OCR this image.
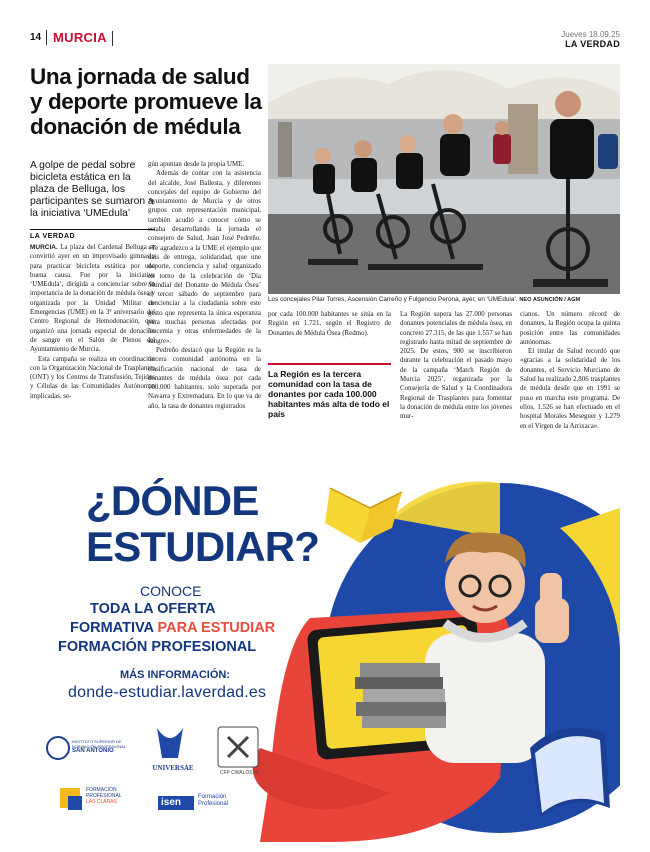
14 MURCIA	Jueves 18.09.25
LA VERDAD
Una jornada de salud y deporte promueve la donación de médula
Los concejales Pilar Torres, Ascensión Carreño y Fulgencio Perona, ayer, en ‘UMEdula’. NEO ASUNCIÓN / AGM

A golpe de pedal sobre bicicleta estática en la plaza de Belluga, los participantes se sumaron a la iniciativa ‘UMEdula’

LA VERDAD

MURCIA. La plaza del Cardenal Belluga se convirtió ayer en un improvisado gimnasio para practicar bicicleta estática por una buena causa. Fue por la iniciativa ‘UMEdula’, dirigida a concienciar sobre la importancia de la donación de médula ósea y organizada por la Unidad Militar de Emergencias (UME) en la 3ª aniversario del Centro Regional de Hemodonación, que organizó una jornada especial de donación de sangre en el Salón de Plenos del Ayuntamiento de Murcia.

Esta campaña se realiza en coordinación con la Organización Nacional de Trasplantes (ONT) y los Centros de Transfusión, Tejidos y Células de las Comunidades Autónomas implicadas, se-

gún apuntan desde la propia UME.

Además de contar con la asistencia del alcalde, José Ballesta, y diferentes concejales del equipo de Gobierno del Ayuntamiento de Murcia y de otros grupos con representación municipal, también acudió a conocer cómo se estaba desarrollando la jornada el consejero de Salud, Juan José Pedreño. «Te agradezco a la UME el ejemplo que dais de entrega, solidaridad, que une deporte, conciencia y salud organizado en torno de la celebración de ‘Día Mundial del Donante de Médula Ósea’ el tercer sábado de septiembre para concienciar a la ciudadanía sobre este gesto que representa la única esperanza para muchas personas afectadas por leucemia y otras enfermedades de la sangre».

Pedreño destacó que la Región es la tercera comunidad autónoma en la clasificación nacional de tasa de donantes de médula ósea por cada 100.000 habitantes, solo superada por Navarra y Extremadura. En lo que va de año, la tasa de donantes registrados

por cada 100.000 habitantes se sitúa en la Región en 1.721, según el Registro de Donantes de Médula Ósea (Redmo).

La Región es la tercera comunidad con la tasa de donantes por cada 100.000 habitantes más alta de todo el país

La Región supera las 27.000 personas donantes potenciales de médula ósea, en concreto 27.315, de las que 1.557 se han registrado hasta mitad de septiembre de 2025. De estos, 900 se inscribieron durante la celebración el pasado mayo de la campaña ‘Match Región de Murcia 2025’, organizada por la Consejería de Salud y la Coordinadora Regional de Trasplantes para fomentar la donación de médula entre los jóvenes mur-

cianos. Un número récord de donantes, la Región ocupa la quinta posición entre las comunidades autónomas.

El titular de Salud recordó que «gracias a la solidaridad de los donantes, el Servicio Murciano de Salud ha realizado 2.806 trasplantes de médula desde que en 1991 se puso en marcha este programa. De ellos, 1.526 se han efectuado en el hospital Morales Meseguer y 1.279 en el Virgen de la Arrixaca».

¿DÓNDE
ESTUDIAR?
CONOCE
TODA LA OFERTA
FORMATIVA PARA ESTUDIAR
FORMACIÓN PROFESIONAL
MÁS INFORMACIÓN:
donde-estudiar.laverdad.es
INSTITUTO SUPERIOR DE
FORMACIÓN PROFESIONAL
SAN ANTONIO
UNIVERSAE
CFP CWALOS III
FORMACIÓN
PROFESIONAL
LAS CLARAS	isen	Formación
Profesional
